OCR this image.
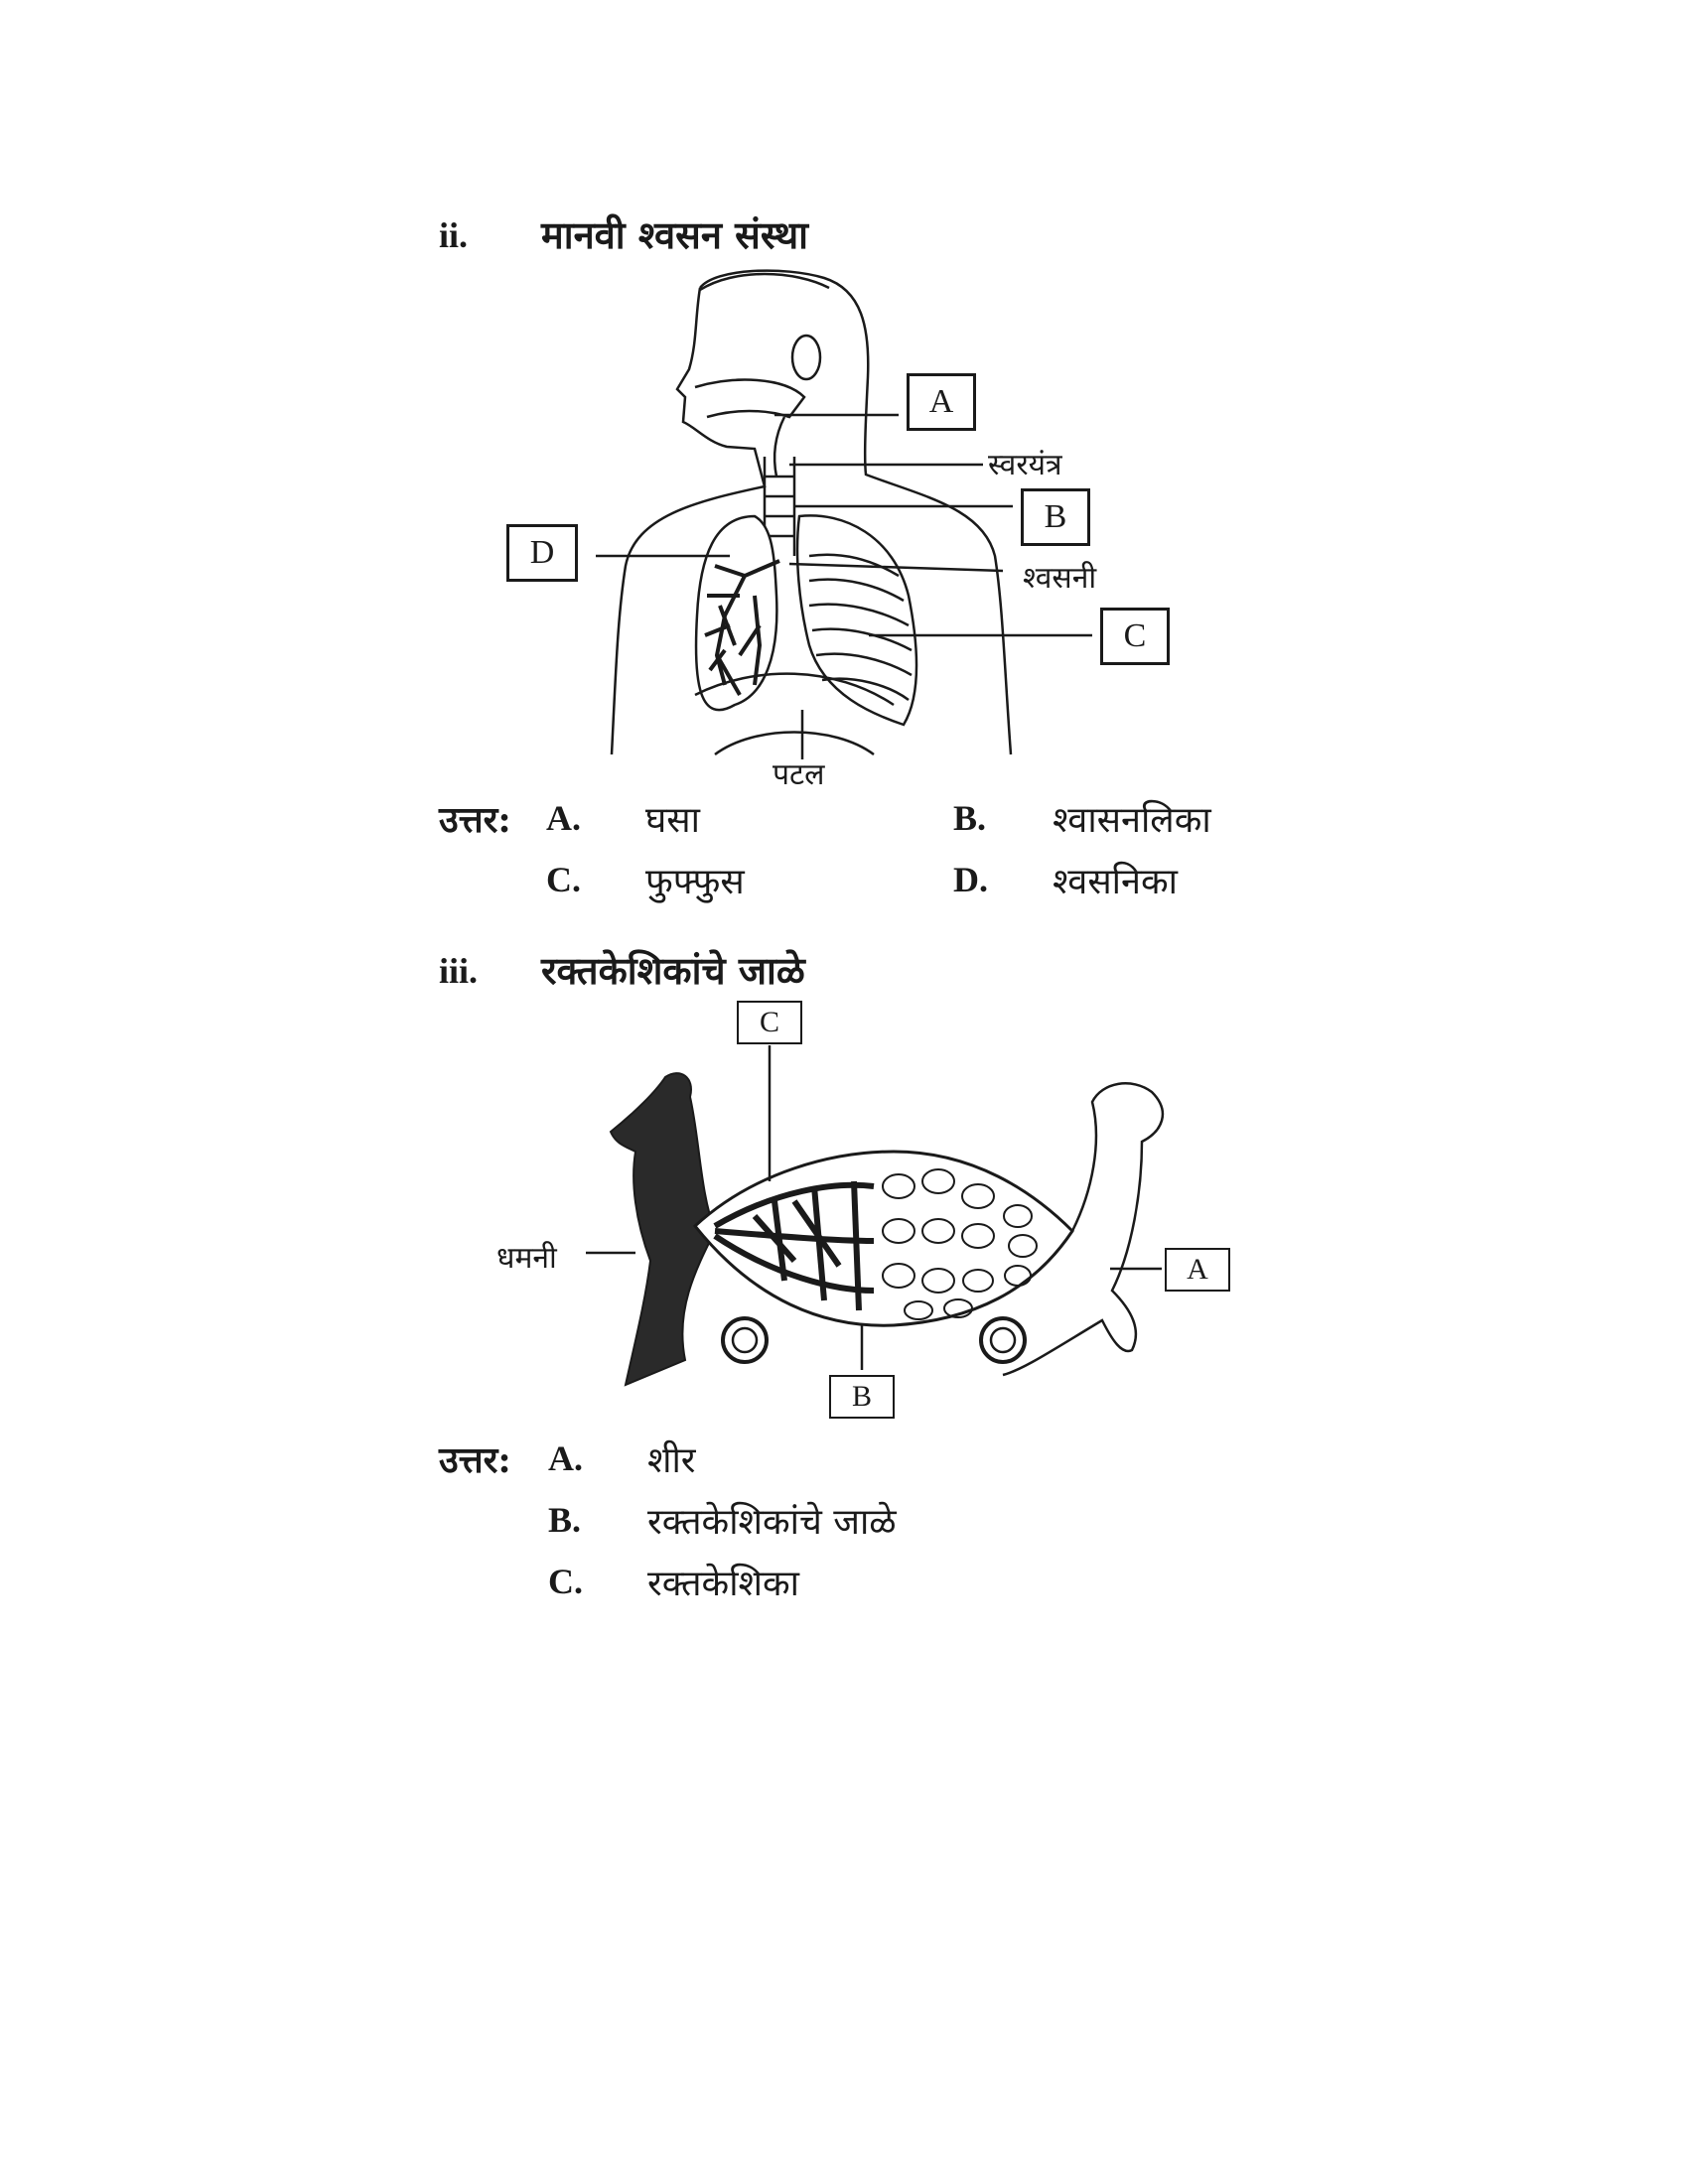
ii. मानवी श्वसन संस्था
A
स्वरयंत्र
B
D
श्वसनी
C
पटल
उत्तर: A. घसा	B. श्वासनलिका
C. फुफ्फुस	D. श्वसनिका
iii. रक्तकेशिकांचे जाळे
C
धमनी	A
B
उत्तर: A. शीर
B. रक्तकेशिकांचे जाळे
C. रक्तकेशिका
